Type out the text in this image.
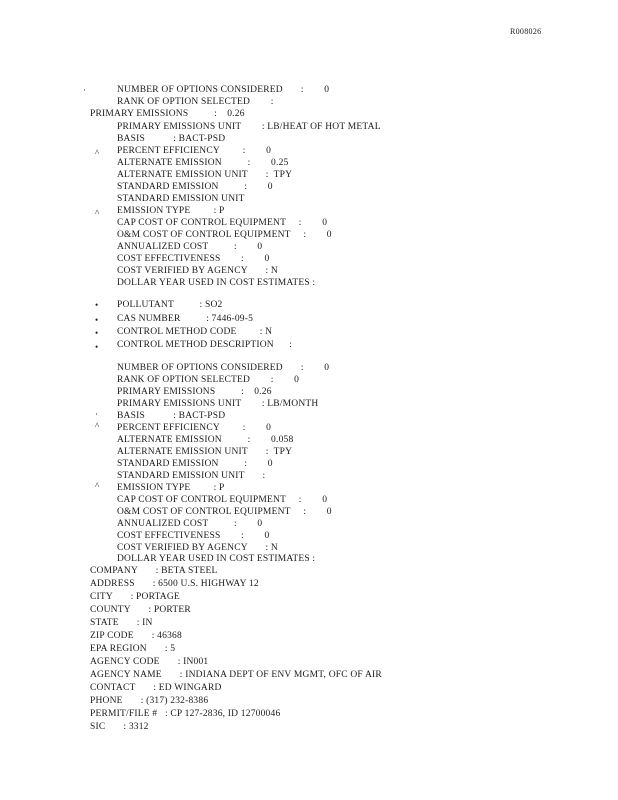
R008026
·
^
^
•
•
•
•
·
^
^
NUMBER OF OPTIONS CONSIDERED       :        0
RANK OF OPTION SELECTED        :
PRIMARY EMISSIONS          :    0.26
PRIMARY EMISSIONS UNIT        : LB/HEAT OF HOT METAL
BASIS           : BACT-PSD
PERCENT EFFICIENCY         :        0
ALTERNATE EMISSION          :        0.25
ALTERNATE EMISSION UNIT       :  TPY
STANDARD EMISSION          :        0
STANDARD EMISSION UNIT
EMISSION TYPE         : P
CAP COST OF CONTROL EQUIPMENT     :        0
O&M COST OF CONTROL EQUIPMENT     :        0
ANNUALIZED COST          :        0
COST EFFECTIVENESS        :        0
COST VERIFIED BY AGENCY       : N
DOLLAR YEAR USED IN COST ESTIMATES :
POLLUTANT          : SO2
CAS NUMBER          : 7446-09-5
CONTROL METHOD CODE         : N
CONTROL METHOD DESCRIPTION      :
NUMBER OF OPTIONS CONSIDERED       :        0
RANK OF OPTION SELECTED        :        0
PRIMARY EMISSIONS          :    0.26
PRIMARY EMISSIONS UNIT        : LB/MONTH
BASIS           : BACT-PSD
PERCENT EFFICIENCY         :        0
ALTERNATE EMISSION          :        0.058
ALTERNATE EMISSION UNIT       :  TPY
STANDARD EMISSION          :        0
STANDARD EMISSION UNIT       :
EMISSION TYPE         : P
CAP COST OF CONTROL EQUIPMENT     :        0
O&M COST OF CONTROL EQUIPMENT     :        0
ANNUALIZED COST          :        0
COST EFFECTIVENESS        :        0
COST VERIFIED BY AGENCY       : N
DOLLAR YEAR USED IN COST ESTIMATES :
COMPANY       : BETA STEEL
ADDRESS       : 6500 U.S. HIGHWAY 12
CITY       : PORTAGE
COUNTY       : PORTER
STATE       : IN
ZIP CODE       : 46368
EPA REGION       : 5
AGENCY CODE       : IN001
AGENCY NAME       : INDIANA DEPT OF ENV MGMT, OFC OF AIR
CONTACT       : ED WINGARD
PHONE       : (317) 232-8386
PERMIT/FILE #   : CP 127-2836, ID 12700046
SIC       : 3312
